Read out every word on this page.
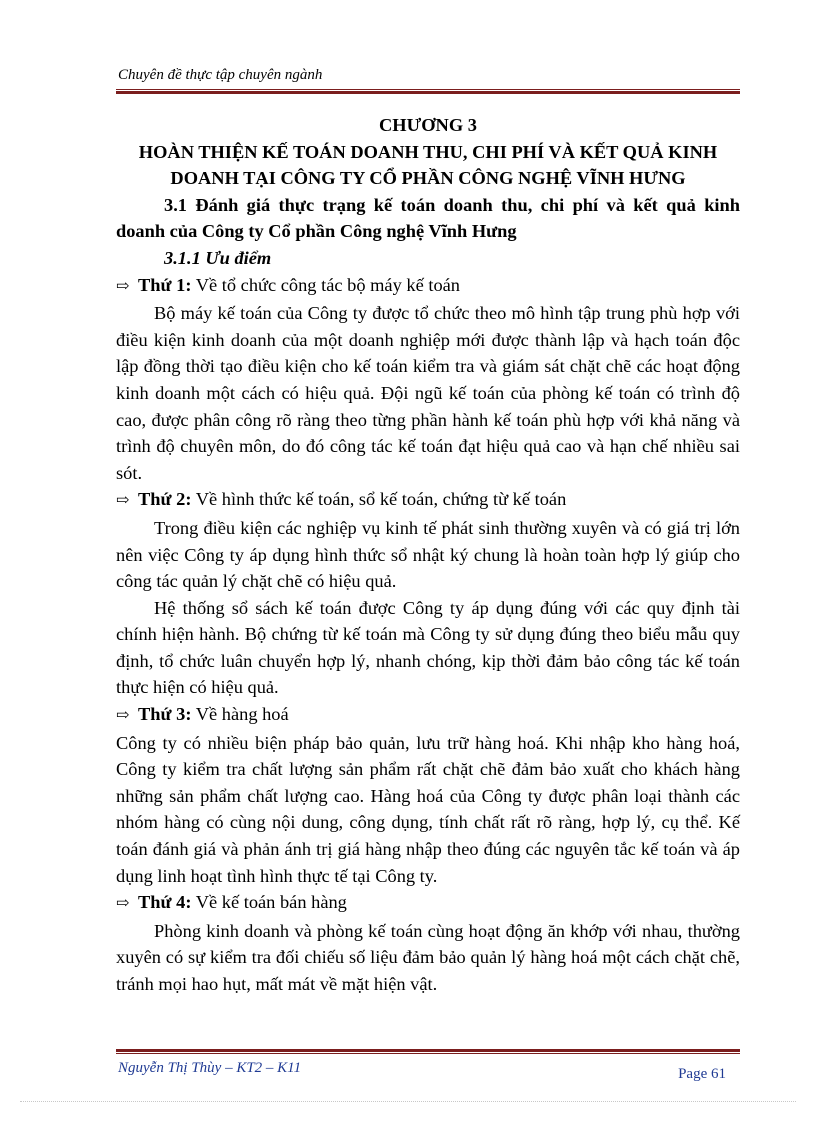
Chuyên đề thực tập chuyên ngành

CHƯƠNG 3

HOÀN THIỆN KẾ TOÁN DOANH THU, CHI PHÍ VÀ KẾT QUẢ KINH

DOANH TẠI CÔNG TY CỔ PHẦN CÔNG NGHỆ VĨNH HƯNG

3.1 Đánh giá thực trạng kế toán doanh thu, chi phí và kết quả kinh doanh của Công ty Cổ phần Công nghệ Vĩnh Hưng

3.1.1 Ưu điểm

⇨ Thứ 1: Về tổ chức công tác bộ máy kế toán

Bộ máy kế toán của Công ty được tổ chức theo mô hình tập trung phù hợp với điều kiện kinh doanh của một doanh nghiệp mới được thành lập và hạch toán độc lập đồng thời tạo điều kiện cho kế toán kiểm tra và giám sát chặt chẽ các hoạt động kinh doanh một cách có hiệu quả. Đội ngũ kế toán của phòng kế toán có trình độ cao, được phân công rõ ràng theo từng phần hành kế toán phù hợp với khả năng và trình độ chuyên môn, do đó công tác kế toán đạt hiệu quả cao và hạn chế nhiều sai sót.

⇨ Thứ 2: Về hình thức kế toán, sổ kế toán, chứng từ kế toán

Trong điều kiện các nghiệp vụ kinh tế phát sinh thường xuyên và có giá trị lớn nên việc Công ty áp dụng hình thức sổ nhật ký chung là hoàn toàn hợp lý giúp cho công tác quản lý chặt chẽ có hiệu quả.

Hệ thống sổ sách kế toán được Công ty áp dụng đúng với các quy định tài chính hiện hành. Bộ chứng từ kế toán mà Công ty sử dụng đúng theo biểu mẫu quy định, tổ chức luân chuyển hợp lý, nhanh chóng, kịp thời đảm bảo công tác kế toán thực hiện có hiệu quả.

⇨ Thứ 3: Về hàng hoá

Công ty có nhiều biện pháp bảo quản, lưu trữ hàng hoá. Khi nhập kho hàng hoá, Công ty kiểm tra chất lượng sản phẩm rất chặt chẽ đảm bảo xuất cho khách hàng những sản phẩm chất lượng cao. Hàng hoá của Công ty được phân loại thành các nhóm hàng có cùng nội dung, công dụng, tính chất rất rõ ràng, hợp lý, cụ thể. Kế toán đánh giá và phản ánh trị giá hàng nhập theo đúng các nguyên tắc kế toán và áp dụng linh hoạt tình hình thực tế tại Công ty.

⇨ Thứ 4: Về kế toán bán hàng

Phòng kinh doanh và phòng kế toán cùng hoạt động ăn khớp với nhau, thường xuyên có sự kiểm tra đối chiếu số liệu đảm bảo quản lý hàng hoá một cách chặt chẽ, tránh mọi hao hụt, mất mát về mặt hiện vật.

Nguyễn Thị Thùy – KT2 – K11	Page 61
